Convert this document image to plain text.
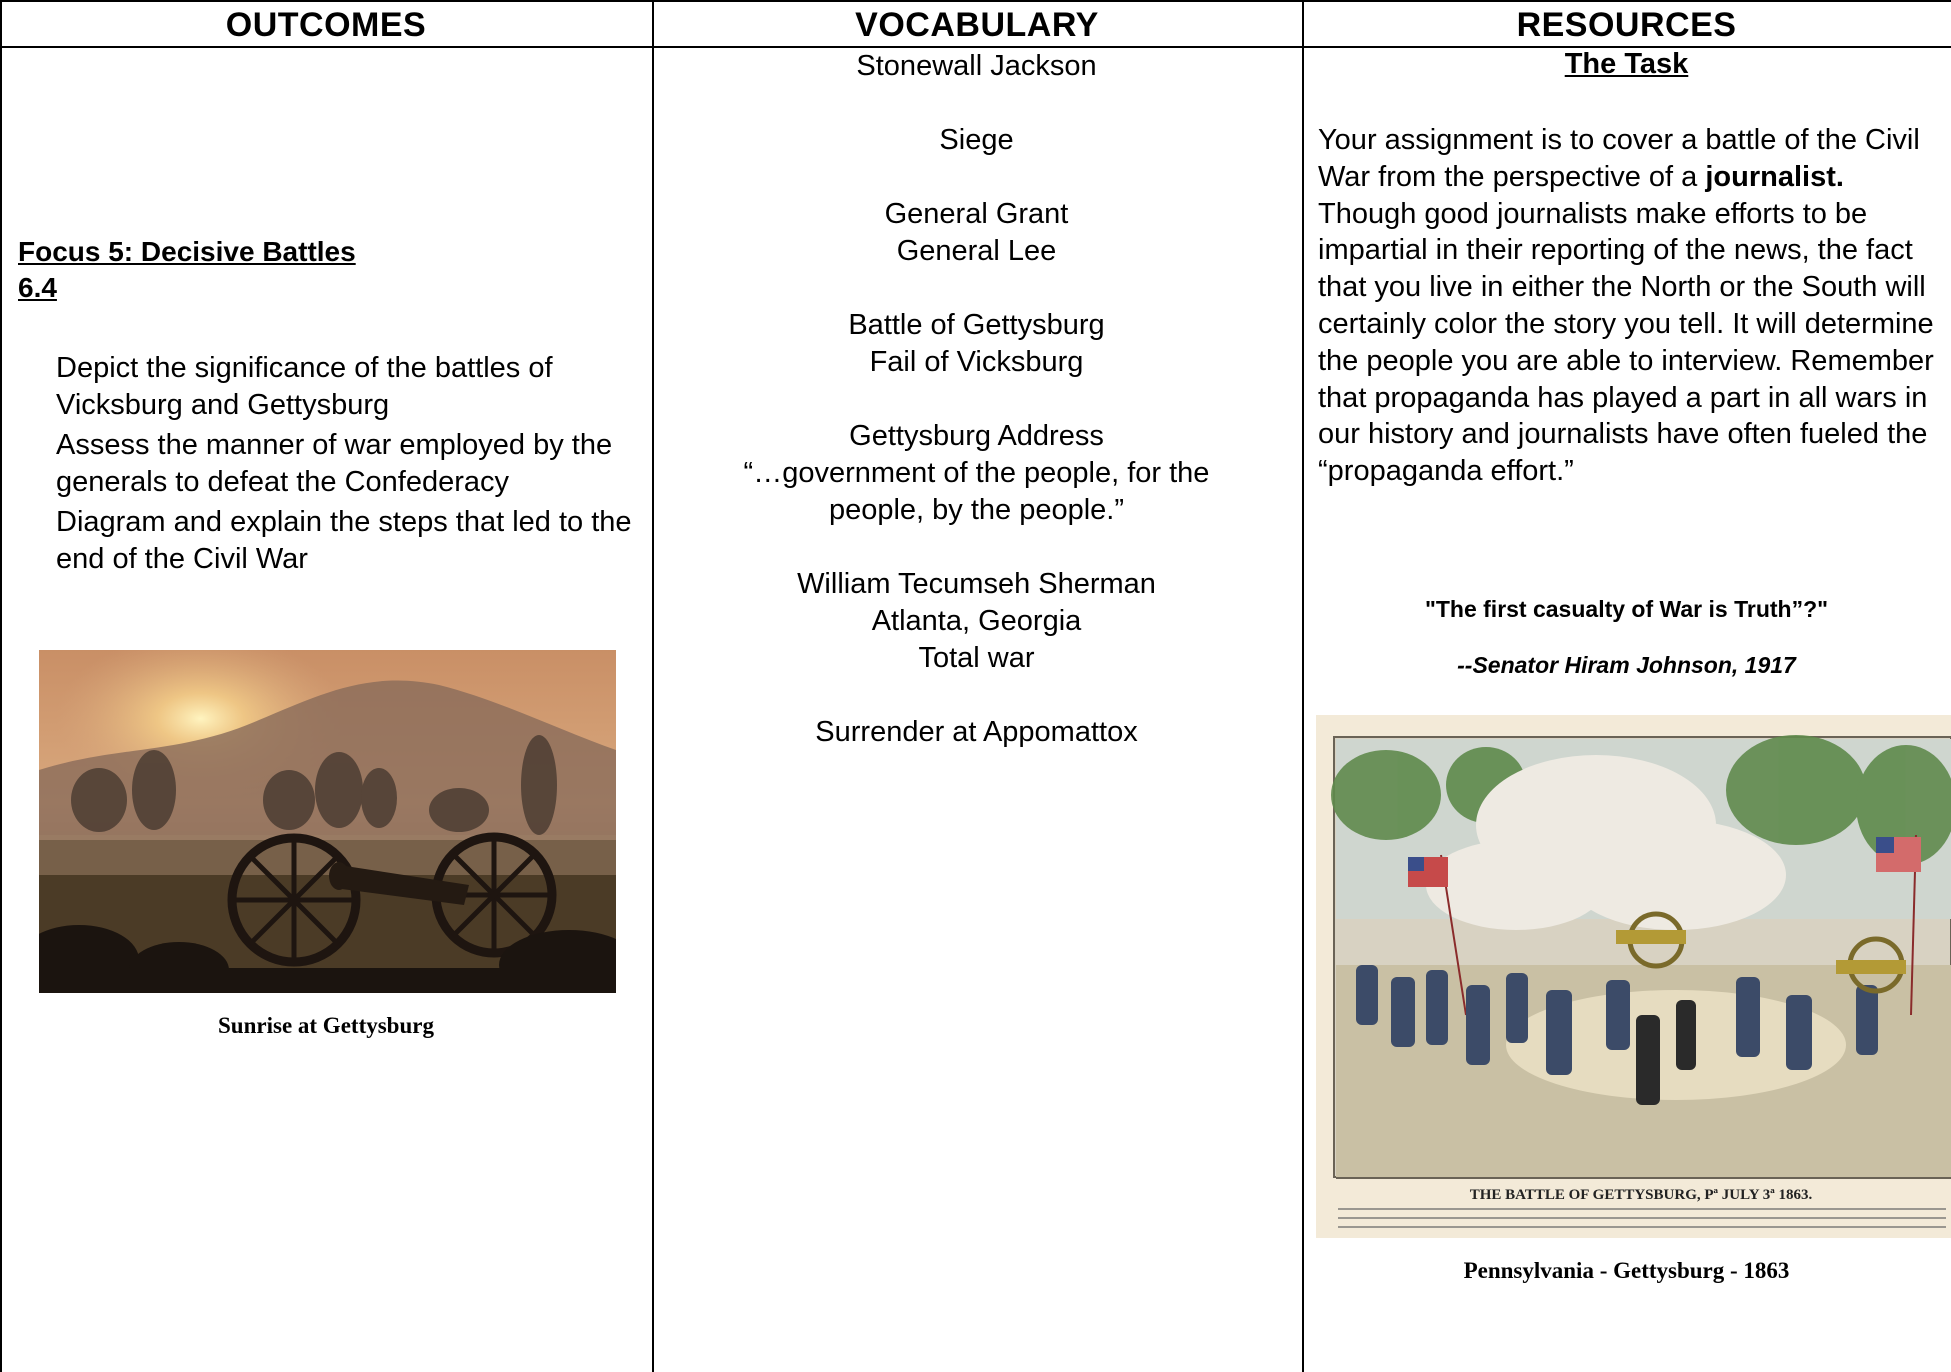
OUTCOMES	VOCABULARY	RESOURCES
Focus 5: Decisive Battles
6.4
Depict the significance of the battles of Vicksburg and Gettysburg
Assess the manner of war employed by the generals to defeat the Confederacy
Diagram and explain the steps that led to the end of the Civil War
Sunrise at Gettysburg
Stonewall Jackson
Siege
General Grant
General Lee
Battle of Gettysburg
Fail of Vicksburg
Gettysburg Address
“…government of the people, for the
people, by the people.”
William Tecumseh Sherman
Atlanta, Georgia
Total war
Surrender at Appomattox
The Task
Your assignment is to cover a battle of the Civil War from the perspective of a journalist. Though good journalists make efforts to be impartial in their reporting of the news, the fact that you live in either the North or the South will certainly color the story you tell. It will determine the people you are able to interview. Remember that propaganda has played a part in all wars in our history and journalists have often fueled the “propaganda effort.”
"The first casualty of War is Truth”?"
--Senator Hiram Johnson, 1917
THE BATTLE OF GETTYSBURG, Pª JULY 3ª 1863.
Pennsylvania - Gettysburg - 1863
